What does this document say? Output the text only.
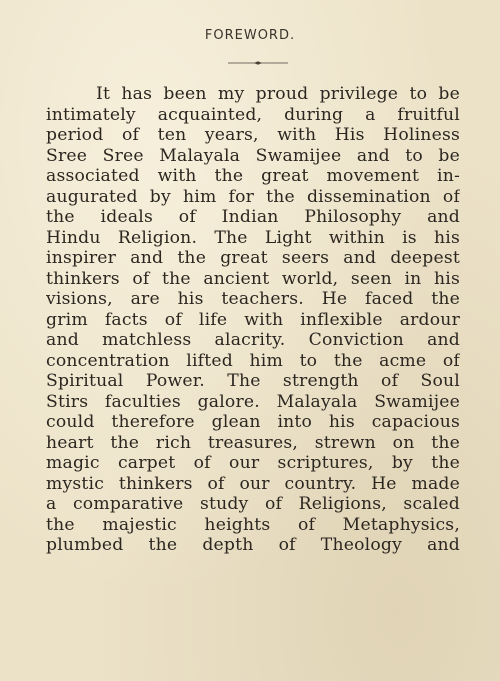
FOREWORD.
It has been my proud privilege to be
intimately acquainted, during a fruitful
period of ten years, with His Holiness
Sree Sree Malayala Swamijee and to be
associated with the great movement in-
augurated by him for the dissemination of
the ideals of Indian Philosophy and
Hindu Religion. The Light within is his
inspirer and the great seers and deepest
thinkers of the ancient world, seen in his
visions, are his teachers. He faced the
grim facts of life with inflexible ardour
and matchless alacrity. Conviction and
concentration lifted him to the acme of
Spiritual Power. The strength of Soul
Stirs faculties galore. Malayala Swamijee
could therefore glean into his capacious
heart the rich treasures, strewn on the
magic carpet of our scriptures, by the
mystic thinkers of our country. He made
a comparative study of Religions, scaled
the majestic heights of Metaphysics,
plumbed the depth of Theology and
